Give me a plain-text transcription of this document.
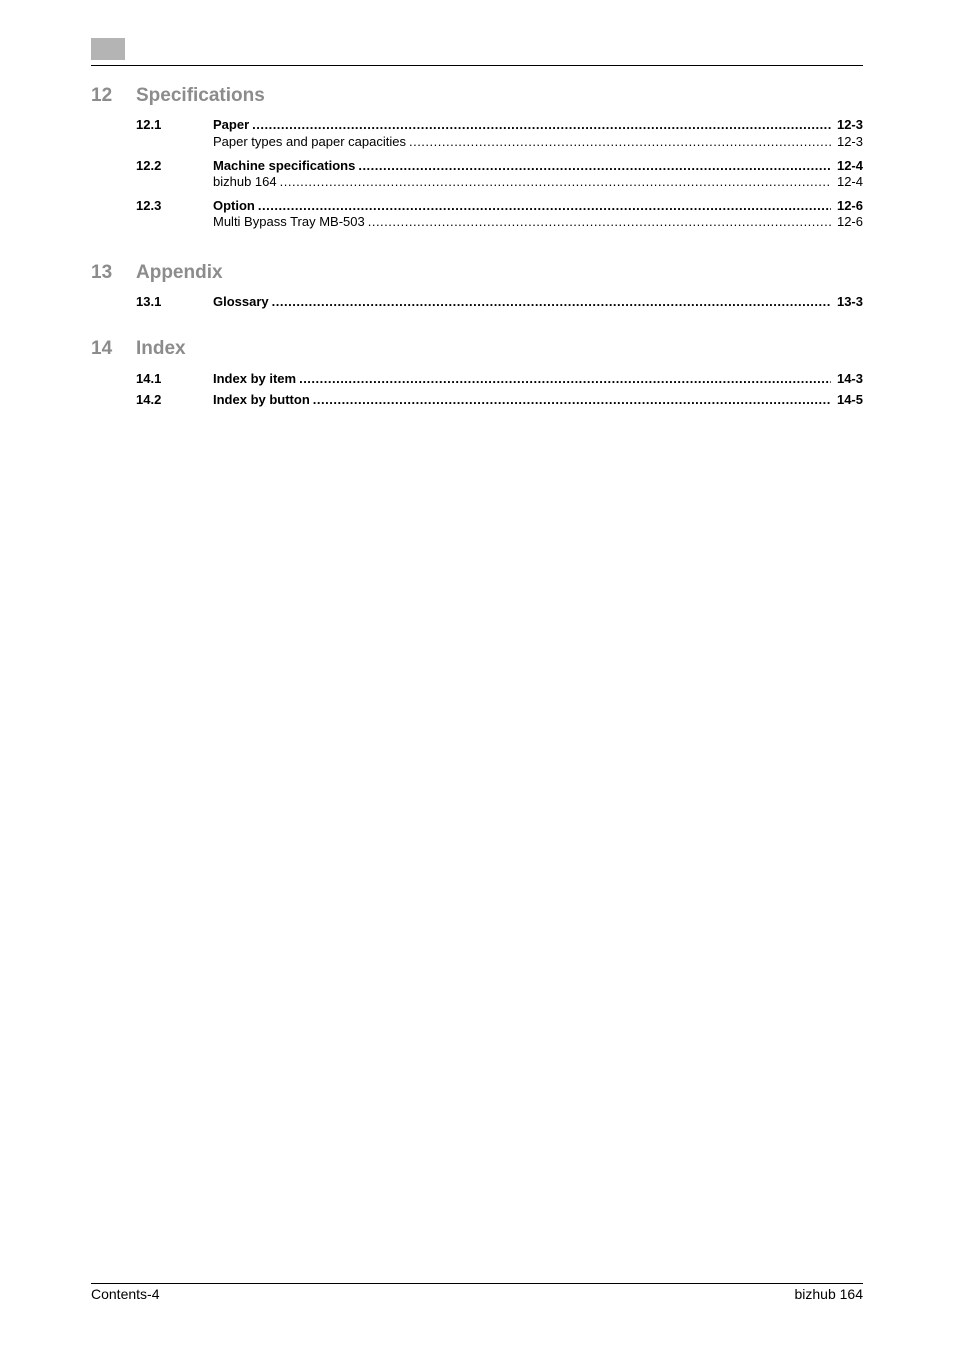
12 Specifications
12.1	Paper .....	12-3
Paper types and paper capacities .....	12-3
12.2	Machine specifications .....	12-4
bizhub 164 .....	12-4
12.3	Option .....	12-6
Multi Bypass Tray MB-503 .....	12-6
13 Appendix
13.1	Glossary .....	13-3
14 Index
14.1	Index by item .....	14-3
14.2	Index by button .....	14-5
Contents-4	bizhub 164
